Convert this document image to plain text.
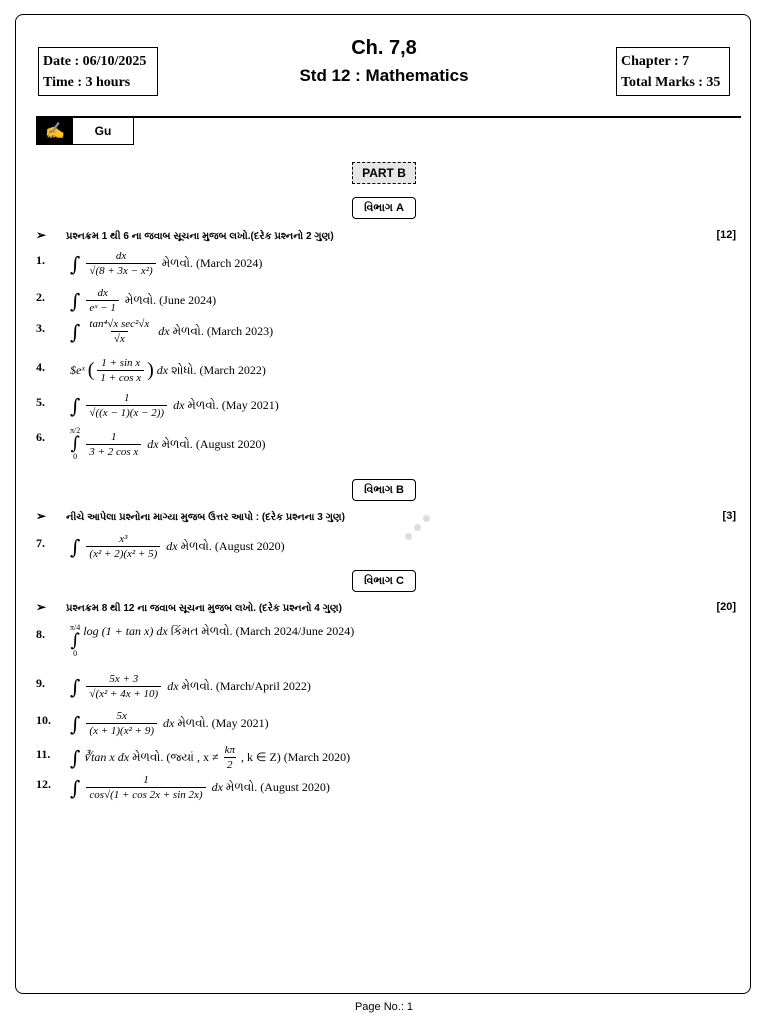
Date : 06/10/2025
Time : 3 hours
Ch. 7,8
Std 12 : Mathematics
Chapter : 7
Total Marks : 35
✍	Gu
PART B
વિભાગ A
➢ પ્રશ્નક્રમ 1 થી 6 ના જવાબ સૂચના મુજબ લખો.(દરેક પ્રશ્નનો 2 ગુણ)	[12]
1. ∫ $\frac{dx}{\text{√(8 + 3x − x²)}}$ મેળવો. (March 2024)
2. ∫ $\frac{dx}{\text{eˣ − 1}}$ મેળવો. (June 2024)
3. ∫ $\frac{\text{tan⁴√x sec²√x}}{√x}$ dx મેળવો. (March 2023)
4. $eˣ ( $\frac{\text{1 + sin x}}{\text{1 + cos x}}$ ) dx શોધો. (March 2022)
5. ∫ $\frac{1}{√((x - 1)(x - 2))}$ dx મેળવો. (May 2021)
6.	π/2
∫
$0 \frac{1}{\text{3 + 2 cos x}}$ dx મેળવો. (August 2020)
વિભાગ B
➢ નીચે આપેલા પ્રશ્નોના માગ્યા મુજબ ઉત્તર આપો : (દરેક પ્રશ્નના 3 ગુણ)	[3]
7. ∫ $\frac{\text{x³}}{\text{(x² + 2)(x² + 5)}}$ dx મેળવો. (August 2020)
વિભાગ C
➢ પ્રશ્નક્રમ 8 થી 12 ના જવાબ સૂચના મુજબ લખો. (દરેક પ્રશ્નનો 4 ગુણ)	[20]
8.	π/4
∫
0
log (1 + tan x) dx કિંમત મેળવો. (March 2024/June 2024)
9. ∫ $\frac{5x + 3}{\text{√(x² + 4x + 10)}}$ dx મેળવો. (March/April 2022)
10. ∫ $\frac{5x}{\text{(x + 1)(x² + 9)}}$ dx મેળવો. (May 2021)
11. ∫ ∛tan x dx મેળવો. (જ્યાં , $x \ne \frac{k\pi}{2}$ , k ∈ Z) (March 2020)
12. ∫ $\frac{1}{\cos√(1 + \cos 2x + \sin 2x)}$ dx મેળવો. (August 2020)
Page No.: 1
